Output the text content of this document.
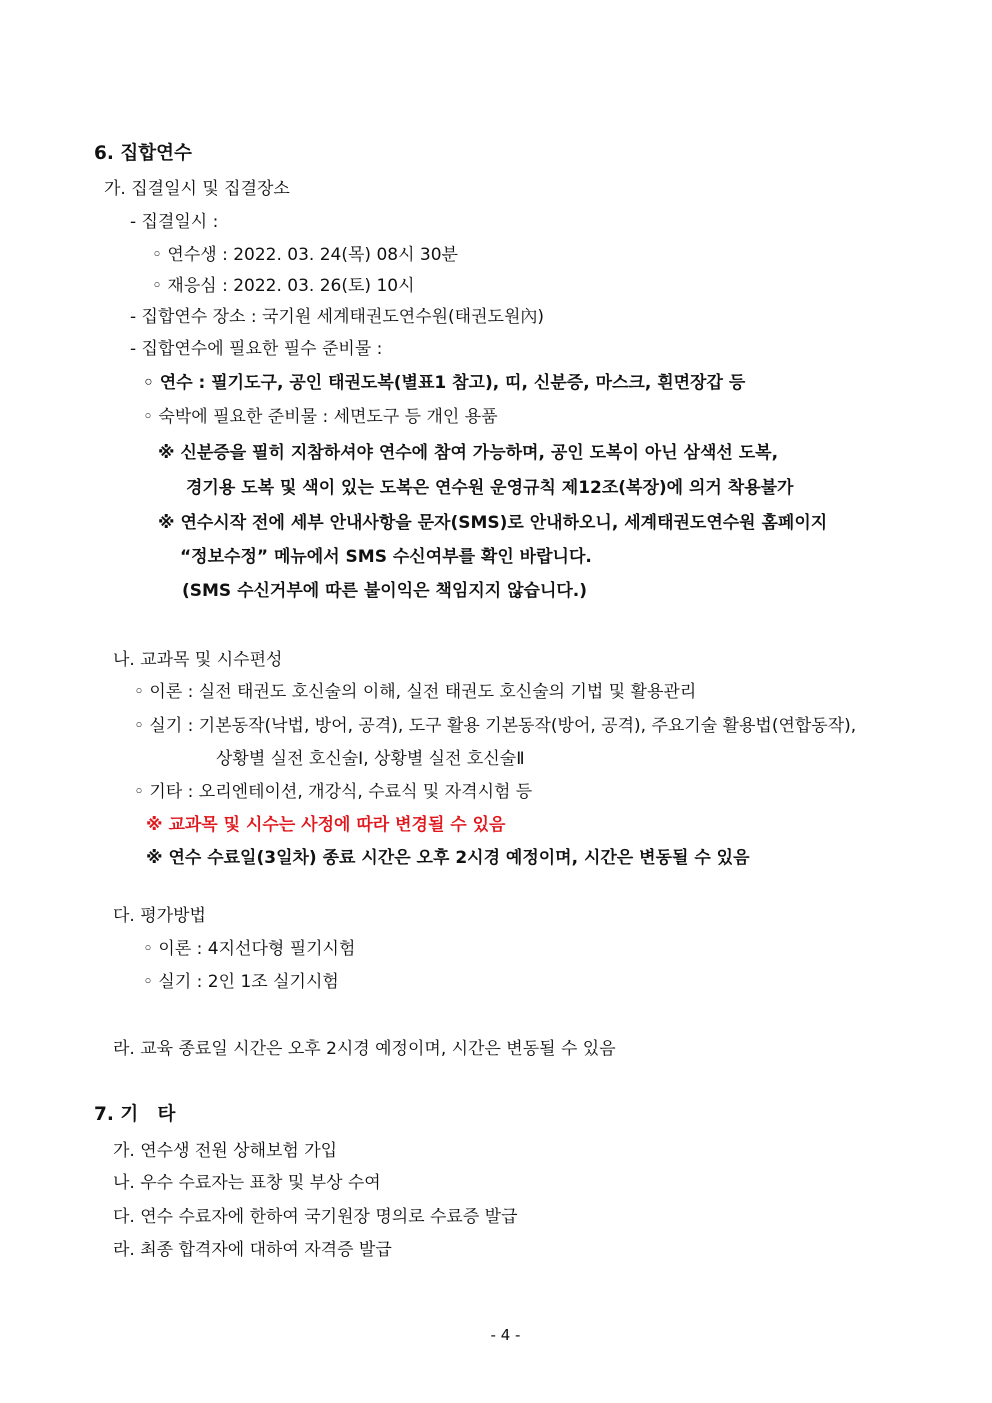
6. 집합연수
가. 집결일시 및 집결장소
- 집결일시 :
◦ 연수생 : 2022. 03. 24(목) 08시 30분
◦ 재응심 : 2022. 03. 26(토) 10시
- 집합연수 장소 : 국기원 세계태권도연수원(태권도원內)
- 집합연수에 필요한 필수 준비물 :
◦ 연수 : 필기도구, 공인 태권도복(별표1 참고), 띠, 신분증, 마스크, 흰면장갑 등
◦ 숙박에 필요한 준비물 : 세면도구 등 개인 용품
※ 신분증을 필히 지참하셔야 연수에 참여 가능하며, 공인 도복이 아닌 삼색선 도복,
경기용 도복 및 색이 있는 도복은 연수원 운영규칙 제12조(복장)에 의거 착용불가
※ 연수시작 전에 세부 안내사항을 문자(SMS)로 안내하오니, 세계태권도연수원 홈페이지
“정보수정” 메뉴에서 SMS 수신여부를 확인 바랍니다.
(SMS 수신거부에 따른 불이익은 책임지지 않습니다.)
나. 교과목 및 시수편성
◦ 이론 : 실전 태권도 호신술의 이해, 실전 태권도 호신술의 기법 및 활용관리
◦ 실기 : 기본동작(낙법, 방어, 공격), 도구 활용 기본동작(방어, 공격), 주요기술 활용법(연합동작),
상황별 실전 호신술Ⅰ, 상황별 실전 호신술Ⅱ
◦ 기타 : 오리엔테이션, 개강식, 수료식 및 자격시험 등
※ 교과목 및 시수는 사정에 따라 변경될 수 있음
※ 연수 수료일(3일차) 종료 시간은 오후 2시경 예정이며, 시간은 변동될 수 있음
다. 평가방법
◦ 이론 : 4지선다형 필기시험
◦ 실기 : 2인 1조 실기시험
라. 교육 종료일 시간은 오후 2시경 예정이며, 시간은 변동될 수 있음
7. 기   타
가. 연수생 전원 상해보험 가입
나. 우수 수료자는 표창 및 부상 수여
다. 연수 수료자에 한하여 국기원장 명의로 수료증 발급
라. 최종 합격자에 대하여 자격증 발급
- 4 -
